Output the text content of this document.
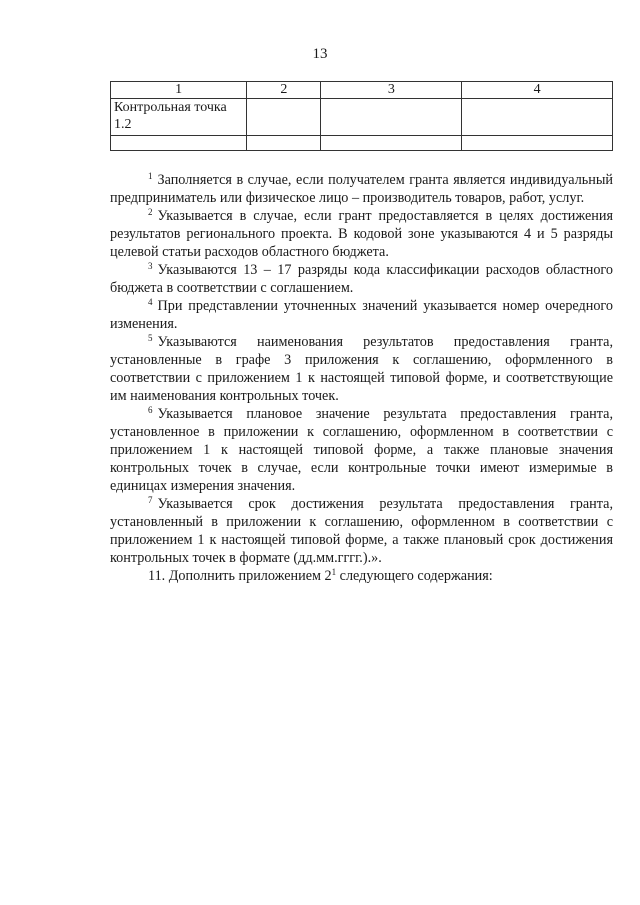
13
1	2	3	4
Контрольная точка 1.2			

$^1$ Заполняется в случае, если получателем гранта является индивидуальный предприниматель или физическое лицо – производитель товаров, работ, услуг.

$^2$ Указывается в случае, если грант предоставляется в целях достижения результатов регионального проекта. В кодовой зоне указываются 4 и 5 разряды целевой статьи расходов областного бюджета.

$^3$ Указываются 13 – 17 разряды кода классификации расходов областного бюджета в соответствии с соглашением.

$^4$ При представлении уточненных значений указывается номер очередного изменения.

$^5$ Указываются наименования результатов предоставления гранта, установленные в графе 3 приложения к соглашению, оформленного в соответствии с приложением 1 к настоящей типовой форме, и соответствующие им наименования контрольных точек.

$^6$ Указывается плановое значение результата предоставления гранта, установленное в приложении к соглашению, оформленном в соответствии с приложением 1 к настоящей типовой форме, а также плановые значения контрольных точек в случае, если контрольные точки имеют измеримые в единицах измерения значения.

$^7$ Указывается срок достижения результата предоставления гранта, установленный в приложении к соглашению, оформленном в соответствии с приложением 1 к настоящей типовой форме, а также плановый срок достижения контрольных точек в формате (дд.мм.гггг.).».

11. Дополнить приложением $2^1$ следующего содержания:
